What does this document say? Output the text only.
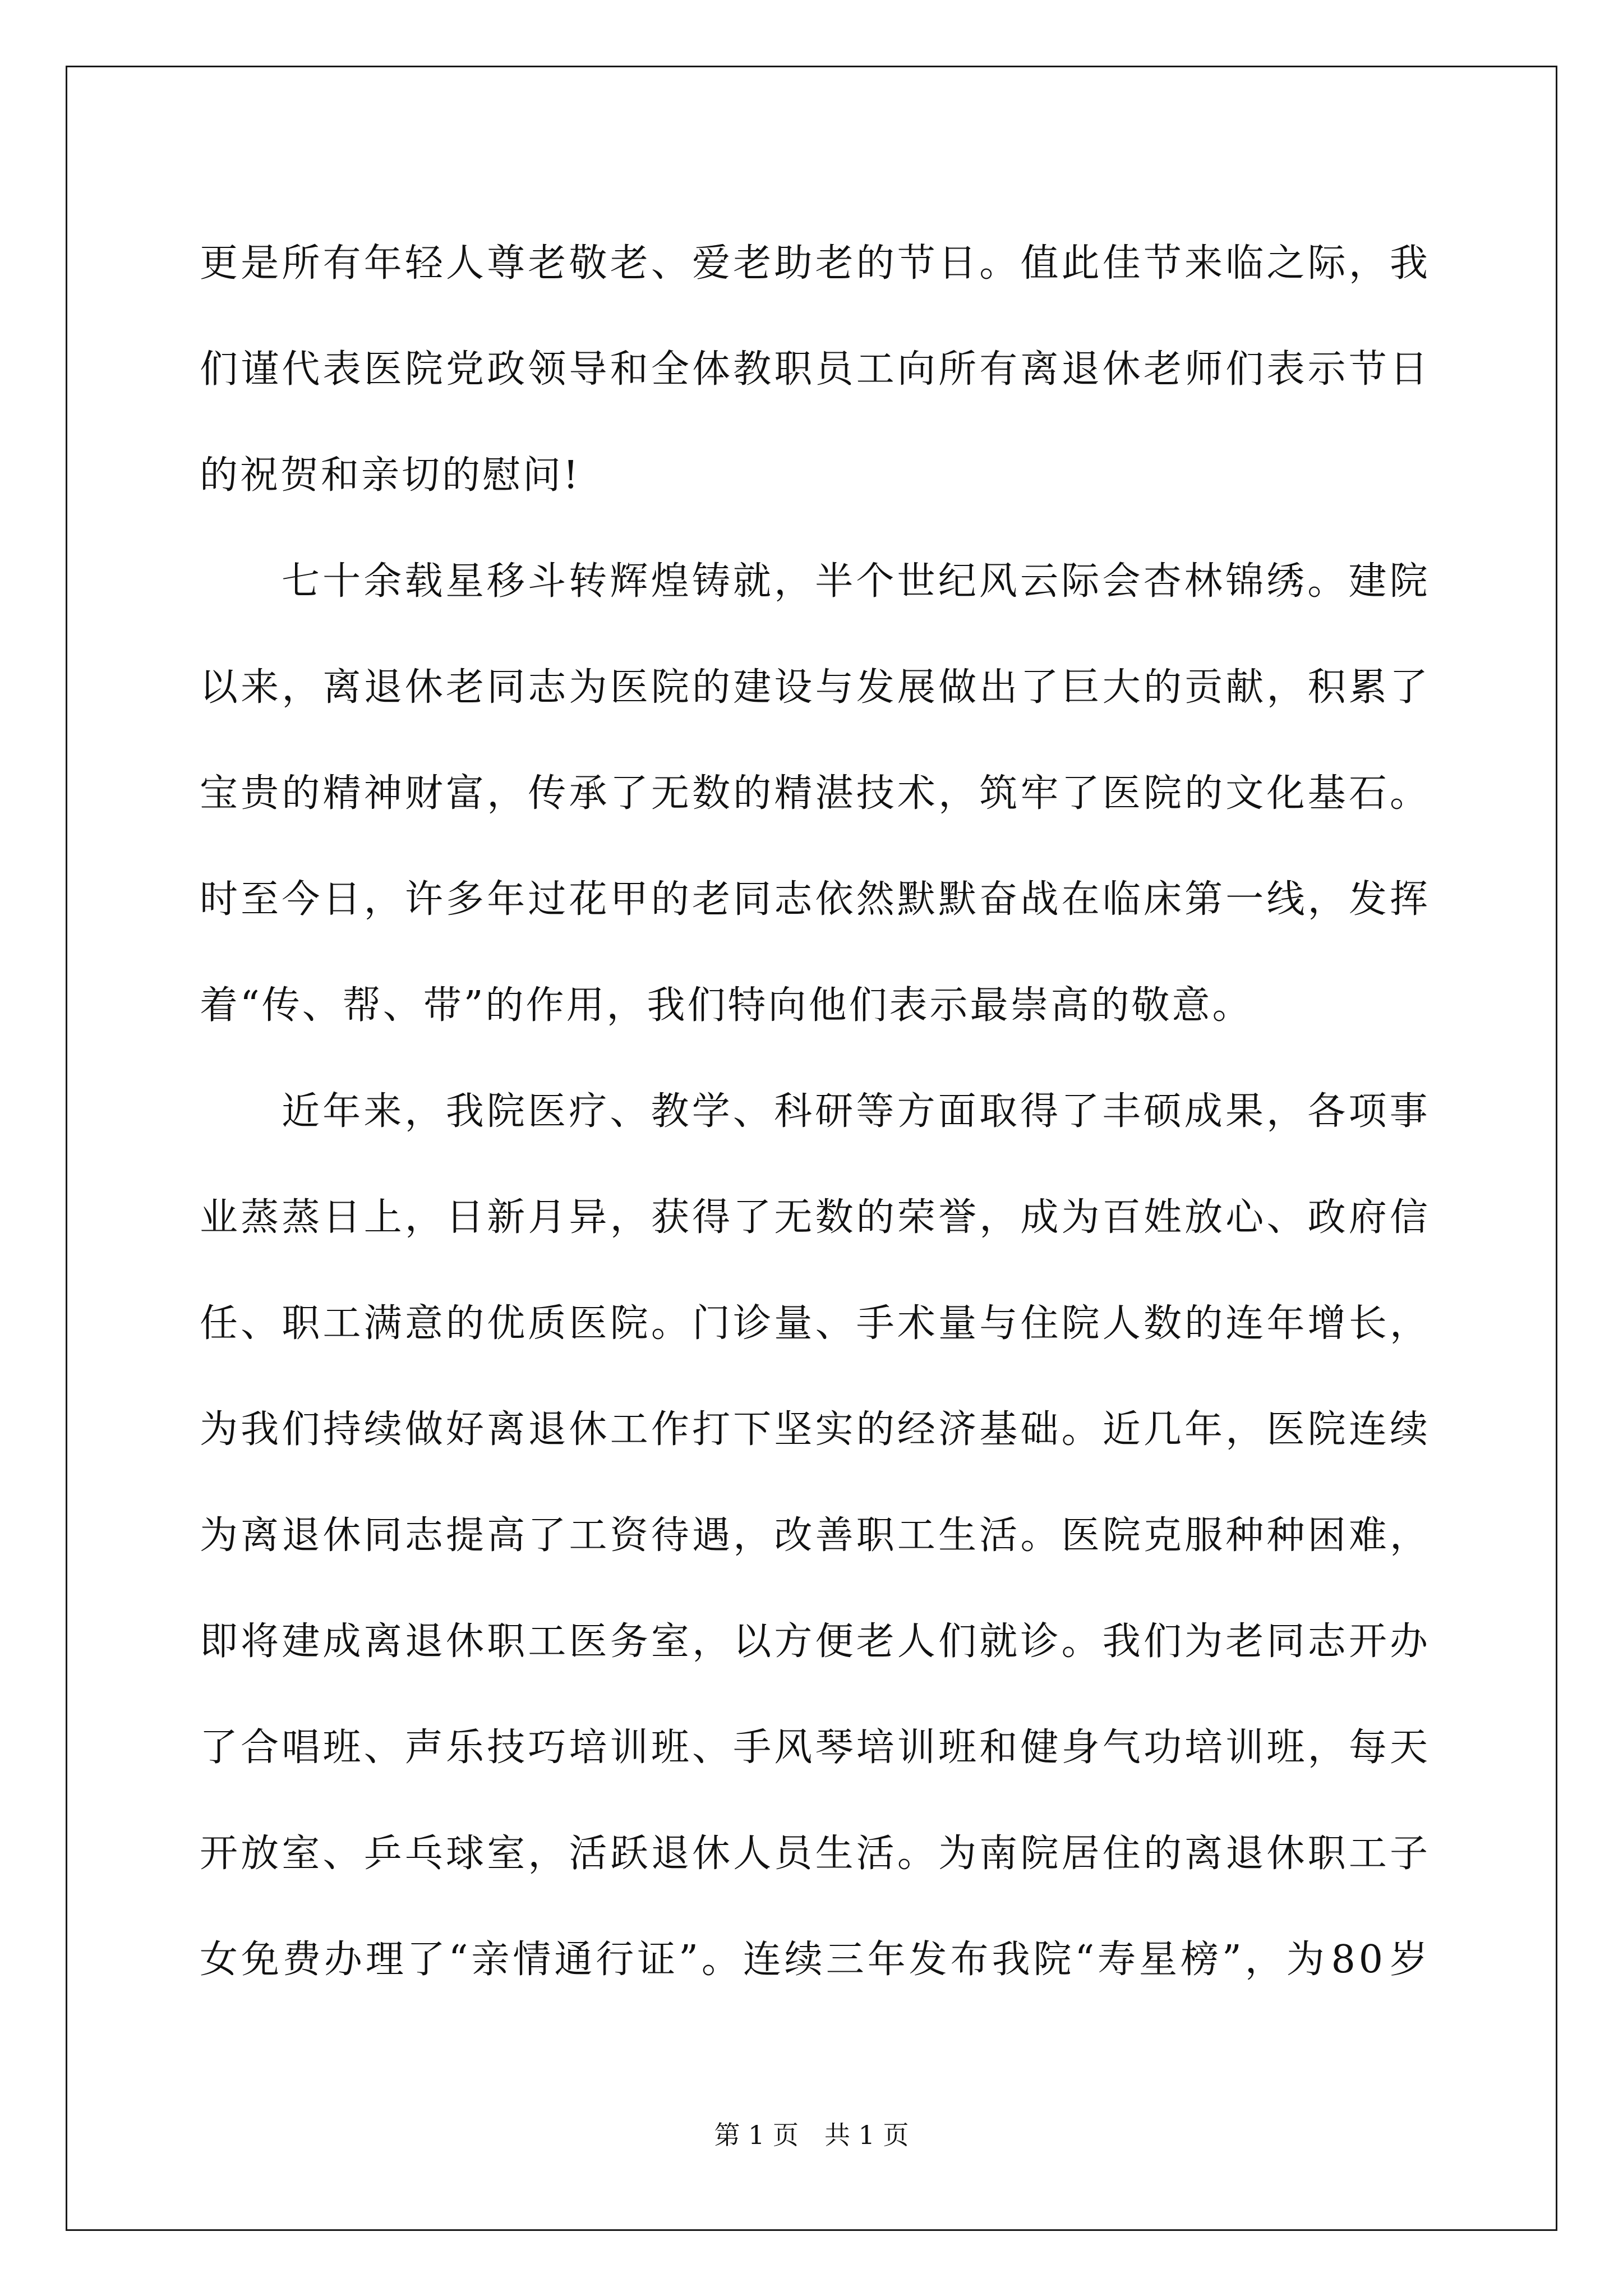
更 是 所 有 年 轻 人 尊 老 敬 老 、 爱 老 助 老 的 节 日 。 值 此 佳 节 来 临 之 际 ， 我
们 谨 代 表 医 院 党 政 领 导 和 全 体 教 职 员 工 向 所 有 离 退 休 老 师 们 表 示 节 日
的祝贺和亲切的慰问!
七 十 余 载 星 移 斗 转 辉 煌 铸 就 ， 半 个 世 纪 风 云 际 会 杏 林 锦 绣 。 建 院
以 来 ， 离 退 休 老 同 志 为 医 院 的 建 设 与 发 展 做 出 了 巨 大 的 贡 献 ， 积 累 了
宝 贵 的 精 神 财 富 ， 传 承 了 无 数 的 精 湛 技 术 ， 筑 牢 了 医 院 的 文 化 基 石 。
时 至 今 日 ， 许 多 年 过 花 甲 的 老 同 志 依 然 默 默 奋 战 在 临 床 第 一 线 ， 发 挥
着“传、帮、带”的作用，我们特向他们表示最崇高的敬意。
近 年 来 ， 我 院 医 疗 、 教 学 、 科 研 等 方 面 取 得 了 丰 硕 成 果 ， 各 项 事
业 蒸 蒸 日 上 ， 日 新 月 异 ， 获 得 了 无 数 的 荣 誉 ， 成 为 百 姓 放 心 、 政 府 信
任 、 职 工 满 意 的 优 质 医 院 。 门 诊 量 、 手 术 量 与 住 院 人 数 的 连 年 增 长 ，
为 我 们 持 续 做 好 离 退 休 工 作 打 下 坚 实 的 经 济 基 础 。 近 几 年 ， 医 院 连 续
为 离 退 休 同 志 提 高 了 工 资 待 遇 ， 改 善 职 工 生 活 。 医 院 克 服 种 种 困 难 ，
即 将 建 成 离 退 休 职 工 医 务 室 ， 以 方 便 老 人 们 就 诊 。 我 们 为 老 同 志 开 办
了 合 唱 班 、 声 乐 技 巧 培 训 班 、 手 风 琴 培 训 班 和 健 身 气 功 培 训 班 ， 每 天
开 放 室 、 乒 乓 球 室 ， 活 跃 退 休 人 员 生 活 。 为 南 院 居 住 的 离 退 休 职 工 子
女 免 费 办 理 了 “ 亲 情 通 行 证 ” 。 连 续 三 年 发 布 我 院 “ 寿 星 榜 ” ， 为 8 0 岁
第 1 页　共 1 页
